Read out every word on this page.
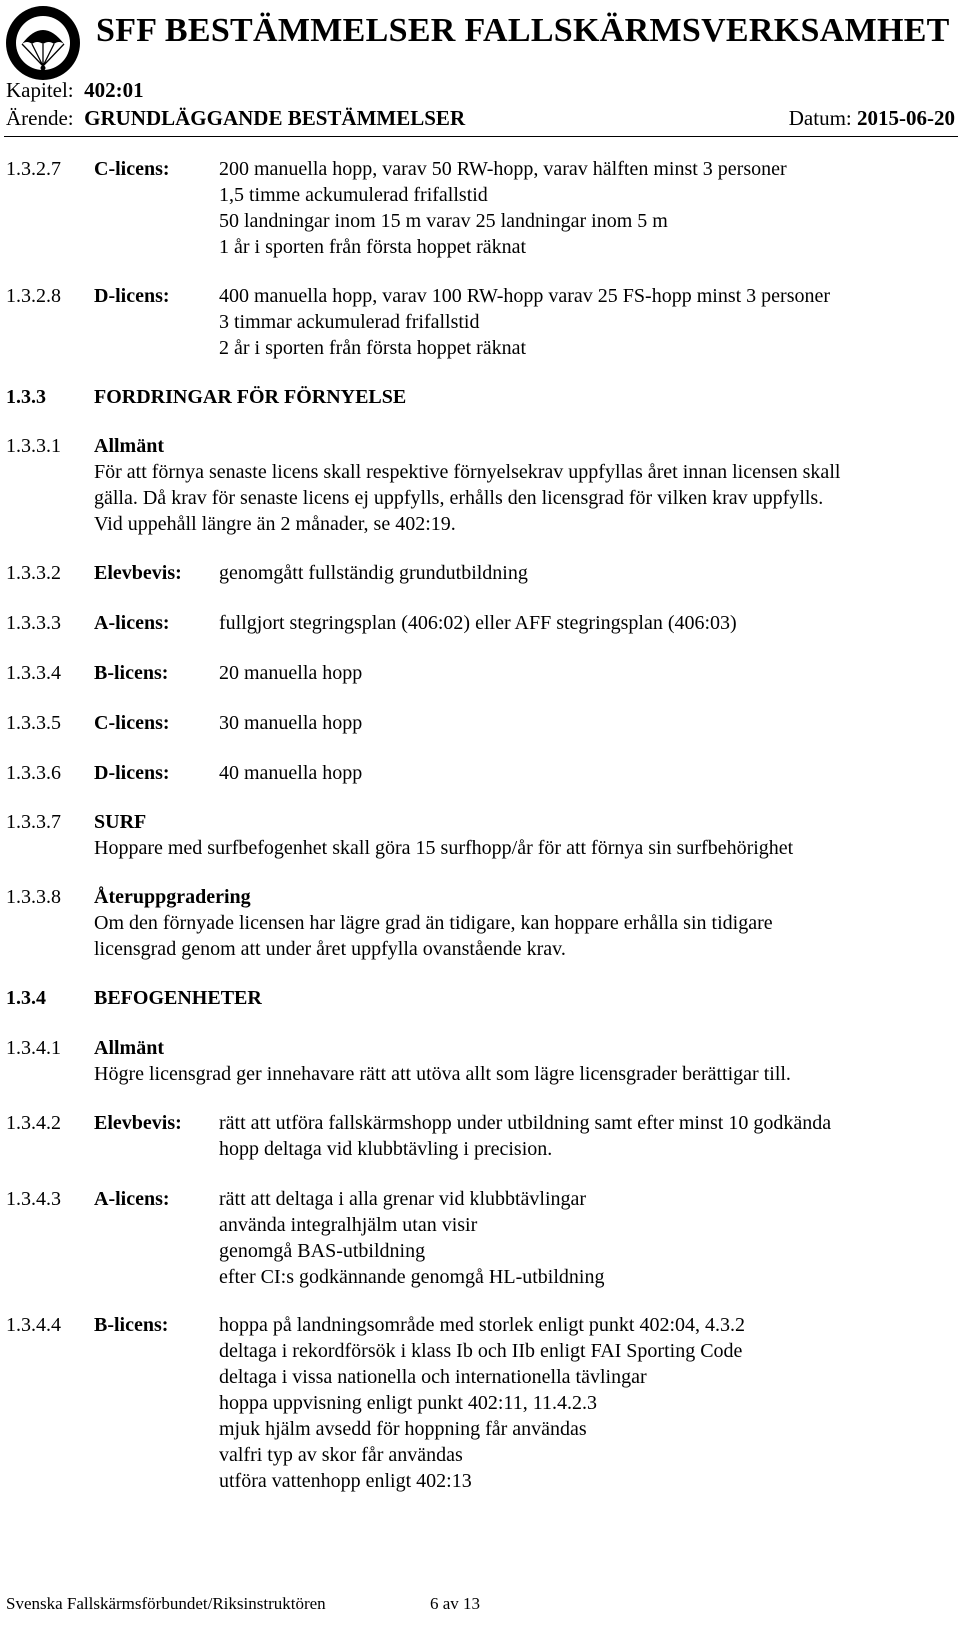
SFF BESTÄMMELSER FALLSKÄRMSVERKSAMHET
Kapitel: 402:01
Ärende: GRUNDLÄGGANDE BESTÄMMELSER	Datum: 2015-06-20
1.3.2.7 C-licens: 200 manuella hopp, varav 50 RW-hopp, varav hälften minst 3 personer
1,5 timme ackumulerad frifallstid
50 landningar inom 15 m varav 25 landningar inom 5 m
1 år i sporten från första hoppet räknat
1.3.2.8 D-licens: 400 manuella hopp, varav 100 RW-hopp varav 25 FS-hopp minst 3 personer
3 timmar ackumulerad frifallstid
2 år i sporten från första hoppet räknat
1.3.3 FORDRINGAR FÖR FÖRNYELSE
1.3.3.1 Allmänt
För att förnya senaste licens skall respektive förnyelsekrav uppfyllas året innan licensen skall
gälla. Då krav för senaste licens ej uppfylls, erhålls den licensgrad för vilken krav uppfylls.
Vid uppehåll längre än 2 månader, se 402:19.
1.3.3.2 Elevbevis: genomgått fullständig grundutbildning
1.3.3.3 A-licens: fullgjort stegringsplan (406:02) eller AFF stegringsplan (406:03)
1.3.3.4 B-licens:	20 manuella hopp
1.3.3.5 C-licens: 30 manuella hopp
1.3.3.6 D-licens: 40 manuella hopp
1.3.3.7 SURF
Hoppare med surfbefogenhet skall göra 15 surfhopp/år för att förnya sin surfbehörighet
1.3.3.8 Återuppgradering
Om den förnyade licensen har lägre grad än tidigare, kan hoppare erhålla sin tidigare
licensgrad genom att under året uppfylla ovanstående krav.
1.3.4 BEFOGENHETER
1.3.4.1 Allmänt
Högre licensgrad ger innehavare rätt att utöva allt som lägre licensgrader berättigar till.
1.3.4.2 Elevbevis: rätt att utföra fallskärmshopp under utbildning samt efter minst 10 godkända
hopp deltaga vid klubbtävling i precision.
1.3.4.3 A-licens: rätt att deltaga i alla grenar vid klubbtävlingar
använda integralhjälm utan visir
genomgå BAS-utbildning
efter CI:s godkännande genomgå HL-utbildning
1.3.4.4 B-licens:	hoppa på landningsområde med storlek enligt punkt 402:04, 4.3.2
deltaga i rekordförsök i klass Ib och IIb enligt FAI Sporting Code
deltaga i vissa nationella och internationella tävlingar
hoppa uppvisning enligt punkt 402:11, 11.4.2.3
mjuk hjälm avsedd för hoppning får användas
valfri typ av skor får användas
utföra vattenhopp enligt 402:13
Svenska Fallskärmsförbundet/Riksinstruktören	6 av 13
